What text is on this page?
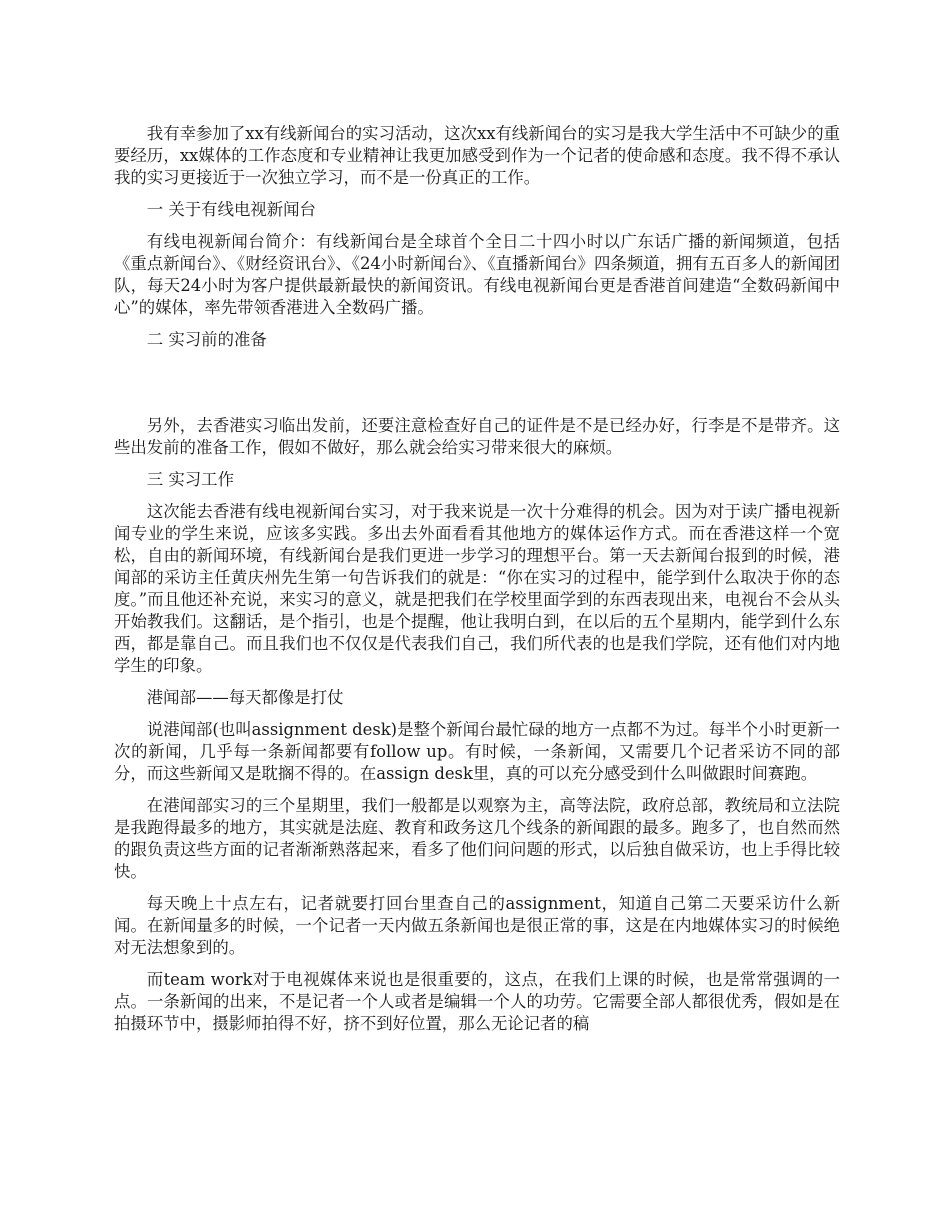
我有幸参加了xx有线新闻台的实习活动，这次xx有线新闻台的实习是我大学生活中不可缺少的重要经历，xx媒体的工作态度和专业精神让我更加感受到作为一个记者的使命感和态度。我不得不承认我的实习更接近于一次独立学习，而不是一份真正的工作。

一 关于有线电视新闻台

有线电视新闻台简介：有线新闻台是全球首个全日二十四小时以广东话广播的新闻频道，包括《重点新闻台》、《财经资讯台》、《24小时新闻台》、《直播新闻台》四条频道，拥有五百多人的新闻团队，每天24小时为客户提供最新最快的新闻资讯。有线电视新闻台更是香港首间建造“全数码新闻中心”的媒体，率先带领香港进入全数码广播。

二 实习前的准备

另外，去香港实习临出发前，还要注意检查好自己的证件是不是已经办好，行李是不是带齐。这些出发前的准备工作，假如不做好，那么就会给实习带来很大的麻烦。

三 实习工作

这次能去香港有线电视新闻台实习，对于我来说是一次十分难得的机会。因为对于读广播电视新闻专业的学生来说，应该多实践。多出去外面看看其他地方的媒体运作方式。而在香港这样一个宽松，自由的新闻环境，有线新闻台是我们更进一步学习的理想平台。第一天去新闻台报到的时候，港闻部的采访主任黄庆州先生第一句告诉我们的就是：“你在实习的过程中，能学到什么取决于你的态度。”而且他还补充说，来实习的意义，就是把我们在学校里面学到的东西表现出来，电视台不会从头开始教我们。这翻话，是个指引，也是个提醒，他让我明白到，在以后的五个星期内，能学到什么东西，都是靠自己。而且我们也不仅仅是代表我们自己，我们所代表的也是我们学院，还有他们对内地学生的印象。

港闻部——每天都像是打仗

说港闻部(也叫assignment desk)是整个新闻台最忙碌的地方一点都不为过。每半个小时更新一次的新闻，几乎每一条新闻都要有follow up。有时候，一条新闻，又需要几个记者采访不同的部分，而这些新闻又是耽搁不得的。在assign desk里，真的可以充分感受到什么叫做跟时间赛跑。

在港闻部实习的三个星期里，我们一般都是以观察为主，高等法院，政府总部，教统局和立法院是我跑得最多的地方，其实就是法庭、教育和政务这几个线条的新闻跟的最多。跑多了，也自然而然的跟负责这些方面的记者渐渐熟落起来，看多了他们问问题的形式，以后独自做采访，也上手得比较快。

每天晚上十点左右，记者就要打回台里查自己的assignment，知道自己第二天要采访什么新闻。在新闻量多的时候，一个记者一天内做五条新闻也是很正常的事，这是在内地媒体实习的时候绝对无法想象到的。

而team work对于电视媒体来说也是很重要的，这点，在我们上课的时候，也是常常强调的一点。一条新闻的出来，不是记者一个人或者是编辑一个人的功劳。它需要全部人都很优秀，假如是在拍摄环节中，摄影师拍得不好，挤不到好位置，那么无论记者的稿
